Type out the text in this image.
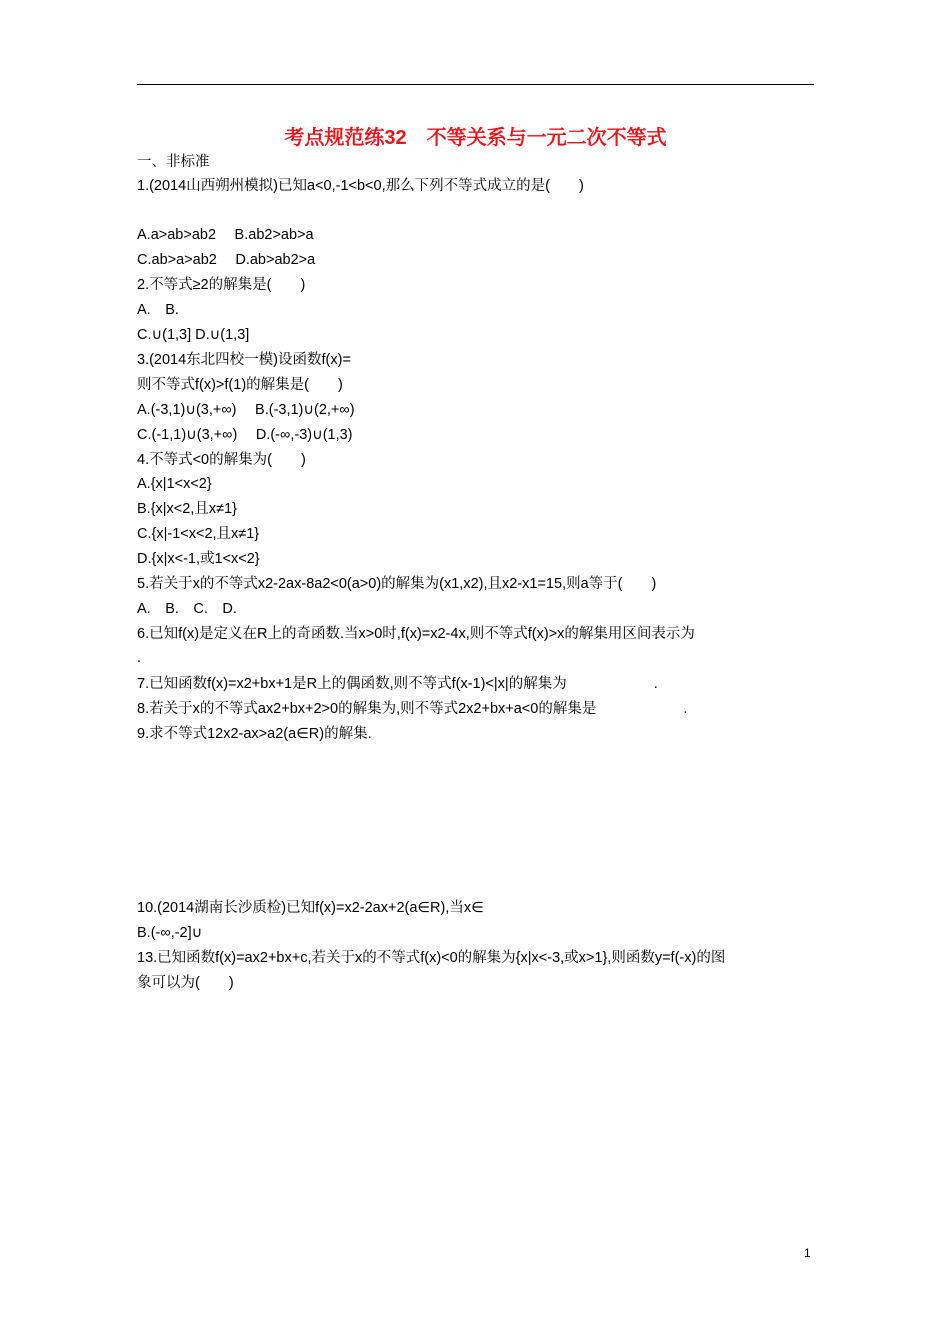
考点规范练32　不等关系与一元二次不等式
一、非标准
1.(2014山西朔州模拟)已知a<0,-1<b<0,那么下列不等式成立的是(　　)
A.a>ab>ab2　 B.ab2>ab>a
C.ab>a>ab2　 D.ab>ab2>a
2.不等式≥2的解集是(　　)
A.　B.
C.∪(1,3] D.∪(1,3]
3.(2014东北四校一模)设函数f(x)=
则不等式f(x)>f(1)的解集是(　　)
A.(-3,1)∪(3,+∞)　 B.(-3,1)∪(2,+∞)
C.(-1,1)∪(3,+∞)　 D.(-∞,-3)∪(1,3)
4.不等式<0的解集为(　　)
A.{x|1<x<2}
B.{x|x<2,且x≠1}
C.{x|-1<x<2,且x≠1}
D.{x|x<-1,或1<x<2}
5.若关于x的不等式x2-2ax-8a2<0(a>0)的解集为(x1,x2),且x2-x1=15,则a等于(　　)
A.　B.　C.　D.
6.已知f(x)是定义在R上的奇函数.当x>0时,f(x)=x2-4x,则不等式f(x)>x的解集用区间表示为
.
7.已知函数f(x)=x2+bx+1是R上的偶函数,则不等式f(x-1)<|x|的解集为　　　　　　.
8.若关于x的不等式ax2+bx+2>0的解集为,则不等式2x2+bx+a<0的解集是　　　　　　.
9.求不等式12x2-ax>a2(a∈R)的解集.
10.(2014湖南长沙质检)已知f(x)=x2-2ax+2(a∈R),当x∈
B.(-∞,-2]∪
13.已知函数f(x)=ax2+bx+c,若关于x的不等式f(x)<0的解集为{x|x<-3,或x>1},则函数y=f(-x)的图
象可以为(　　)
1
